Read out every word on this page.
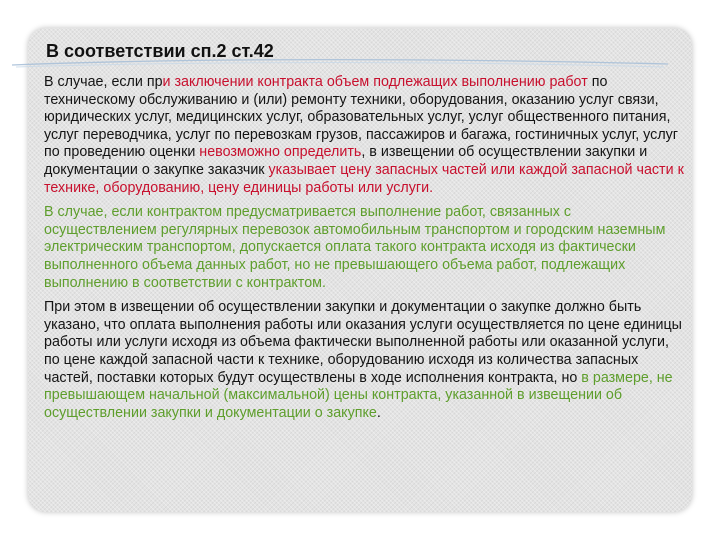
В соответствии сп.2 ст.42

В случае, если при заключении контракта объем подлежащих выполнению работ по техническому обслуживанию и (или) ремонту техники, оборудования, оказанию услуг связи, юридических услуг, медицинских услуг, образовательных услуг, услуг общественного питания, услуг переводчика, услуг по перевозкам грузов, пассажиров и багажа, гостиничных услуг, услуг по проведению оценки невозможно определить, в извещении об осуществлении закупки и документации о закупке заказчик указывает цену запасных частей или каждой запасной части к технике, оборудованию, цену единицы работы или услуги.

В случае, если контрактом предусматривается выполнение работ, связанных с осуществлением регулярных перевозок автомобильным транспортом и городским наземным электрическим транспортом, допускается оплата такого контракта исходя из фактически выполненного объема данных работ, но не превышающего объема работ, подлежащих выполнению в соответствии с контрактом.

При этом в извещении об осуществлении закупки и документации о закупке должно быть указано, что оплата выполнения работы или оказания услуги осуществляется по цене единицы работы или услуги исходя из объема фактически выполненной работы или оказанной услуги, по цене каждой запасной части к технике, оборудованию исходя из количества запасных частей, поставки которых будут осуществлены в ходе исполнения контракта, но в размере, не превышающем начальной (максимальной) цены контракта, указанной в извещении об осуществлении закупки и документации о закупке.
